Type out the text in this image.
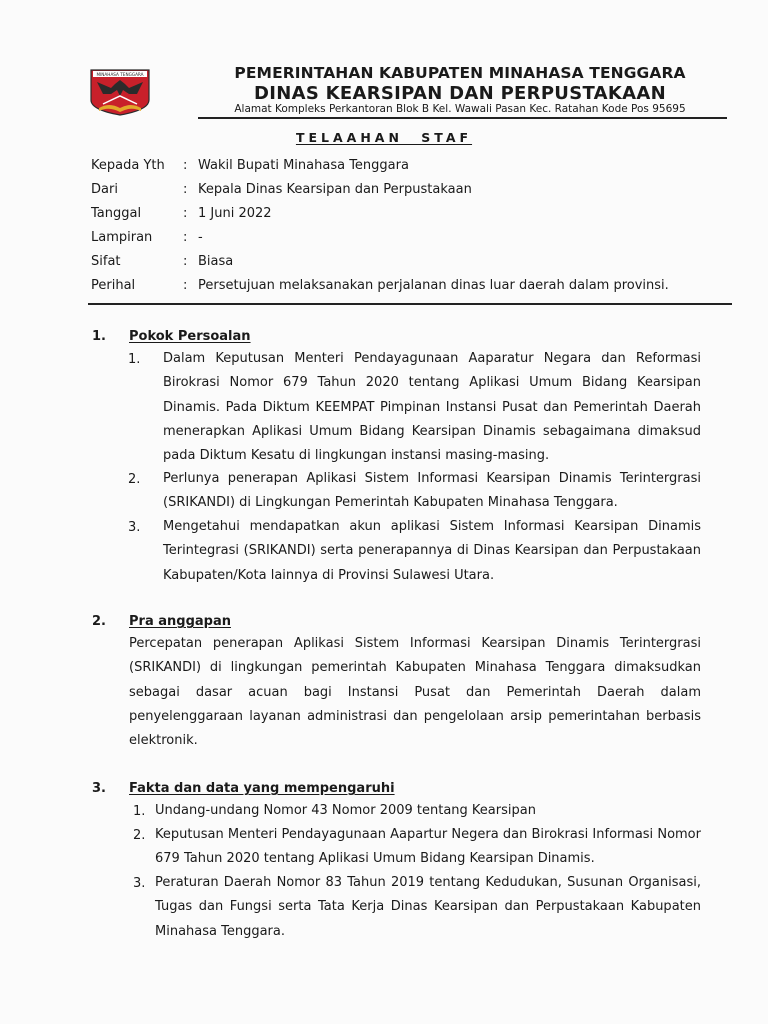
MINAHASA TENGGARA	PEMERINTAHAN KABUPATEN MINAHASA TENGGARA
DINAS KEARSIPAN DAN PERPUSTAKAAN
Alamat Kompleks Perkantoran Blok B Kel. Wawali Pasan Kec. Ratahan Kode Pos 95695
TELAAHAN STAF
Kepada Yth : Wakil Bupati Minahasa Tenggara
Dari	: Kepala Dinas Kearsipan dan Perpustakaan
Tanggal	: 1 Juni 2022
Lampiran : -
Sifat	: Biasa
Perihal	: Persetujuan melaksanakan perjalanan dinas luar daerah dalam provinsi.
1. Pokok Persoalan
1. Dalam Keputusan Menteri Pendayagunaan Aaparatur Negara dan Reformasi Birokrasi Nomor 679 Tahun 2020 tentang Aplikasi Umum Bidang Kearsipan Dinamis. Pada Diktum KEEMPAT Pimpinan Instansi Pusat dan Pemerintah Daerah menerapkan Aplikasi Umum Bidang Kearsipan Dinamis sebagaimana dimaksud pada Diktum Kesatu di lingkungan instansi masing-masing.
2. Perlunya penerapan Aplikasi Sistem Informasi Kearsipan Dinamis Terintergrasi (SRIKANDI) di Lingkungan Pemerintah Kabupaten Minahasa Tenggara.
3. Mengetahui mendapatkan akun aplikasi Sistem Informasi Kearsipan Dinamis Terintegrasi (SRIKANDI) serta penerapannya di Dinas Kearsipan dan Perpustakaan Kabupaten/Kota lainnya di Provinsi Sulawesi Utara.
2. Pra anggapan
Percepatan penerapan Aplikasi Sistem Informasi Kearsipan Dinamis Terintergrasi (SRIKANDI) di lingkungan pemerintah Kabupaten Minahasa Tenggara dimaksudkan sebagai dasar acuan bagi Instansi Pusat dan Pemerintah Daerah dalam penyelenggaraan layanan administrasi dan pengelolaan arsip pemerintahan berbasis elektronik.
3. Fakta dan data yang mempengaruhi
1. Undang-undang Nomor 43 Nomor 2009 tentang Kearsipan
2. Keputusan Menteri Pendayagunaan Aapartur Negera dan Birokrasi Informasi Nomor 679 Tahun 2020 tentang Aplikasi Umum Bidang Kearsipan Dinamis.
3. Peraturan Daerah Nomor 83 Tahun 2019 tentang Kedudukan, Susunan Organisasi, Tugas dan Fungsi serta Tata Kerja Dinas Kearsipan dan Perpustakaan Kabupaten Minahasa Tenggara.
